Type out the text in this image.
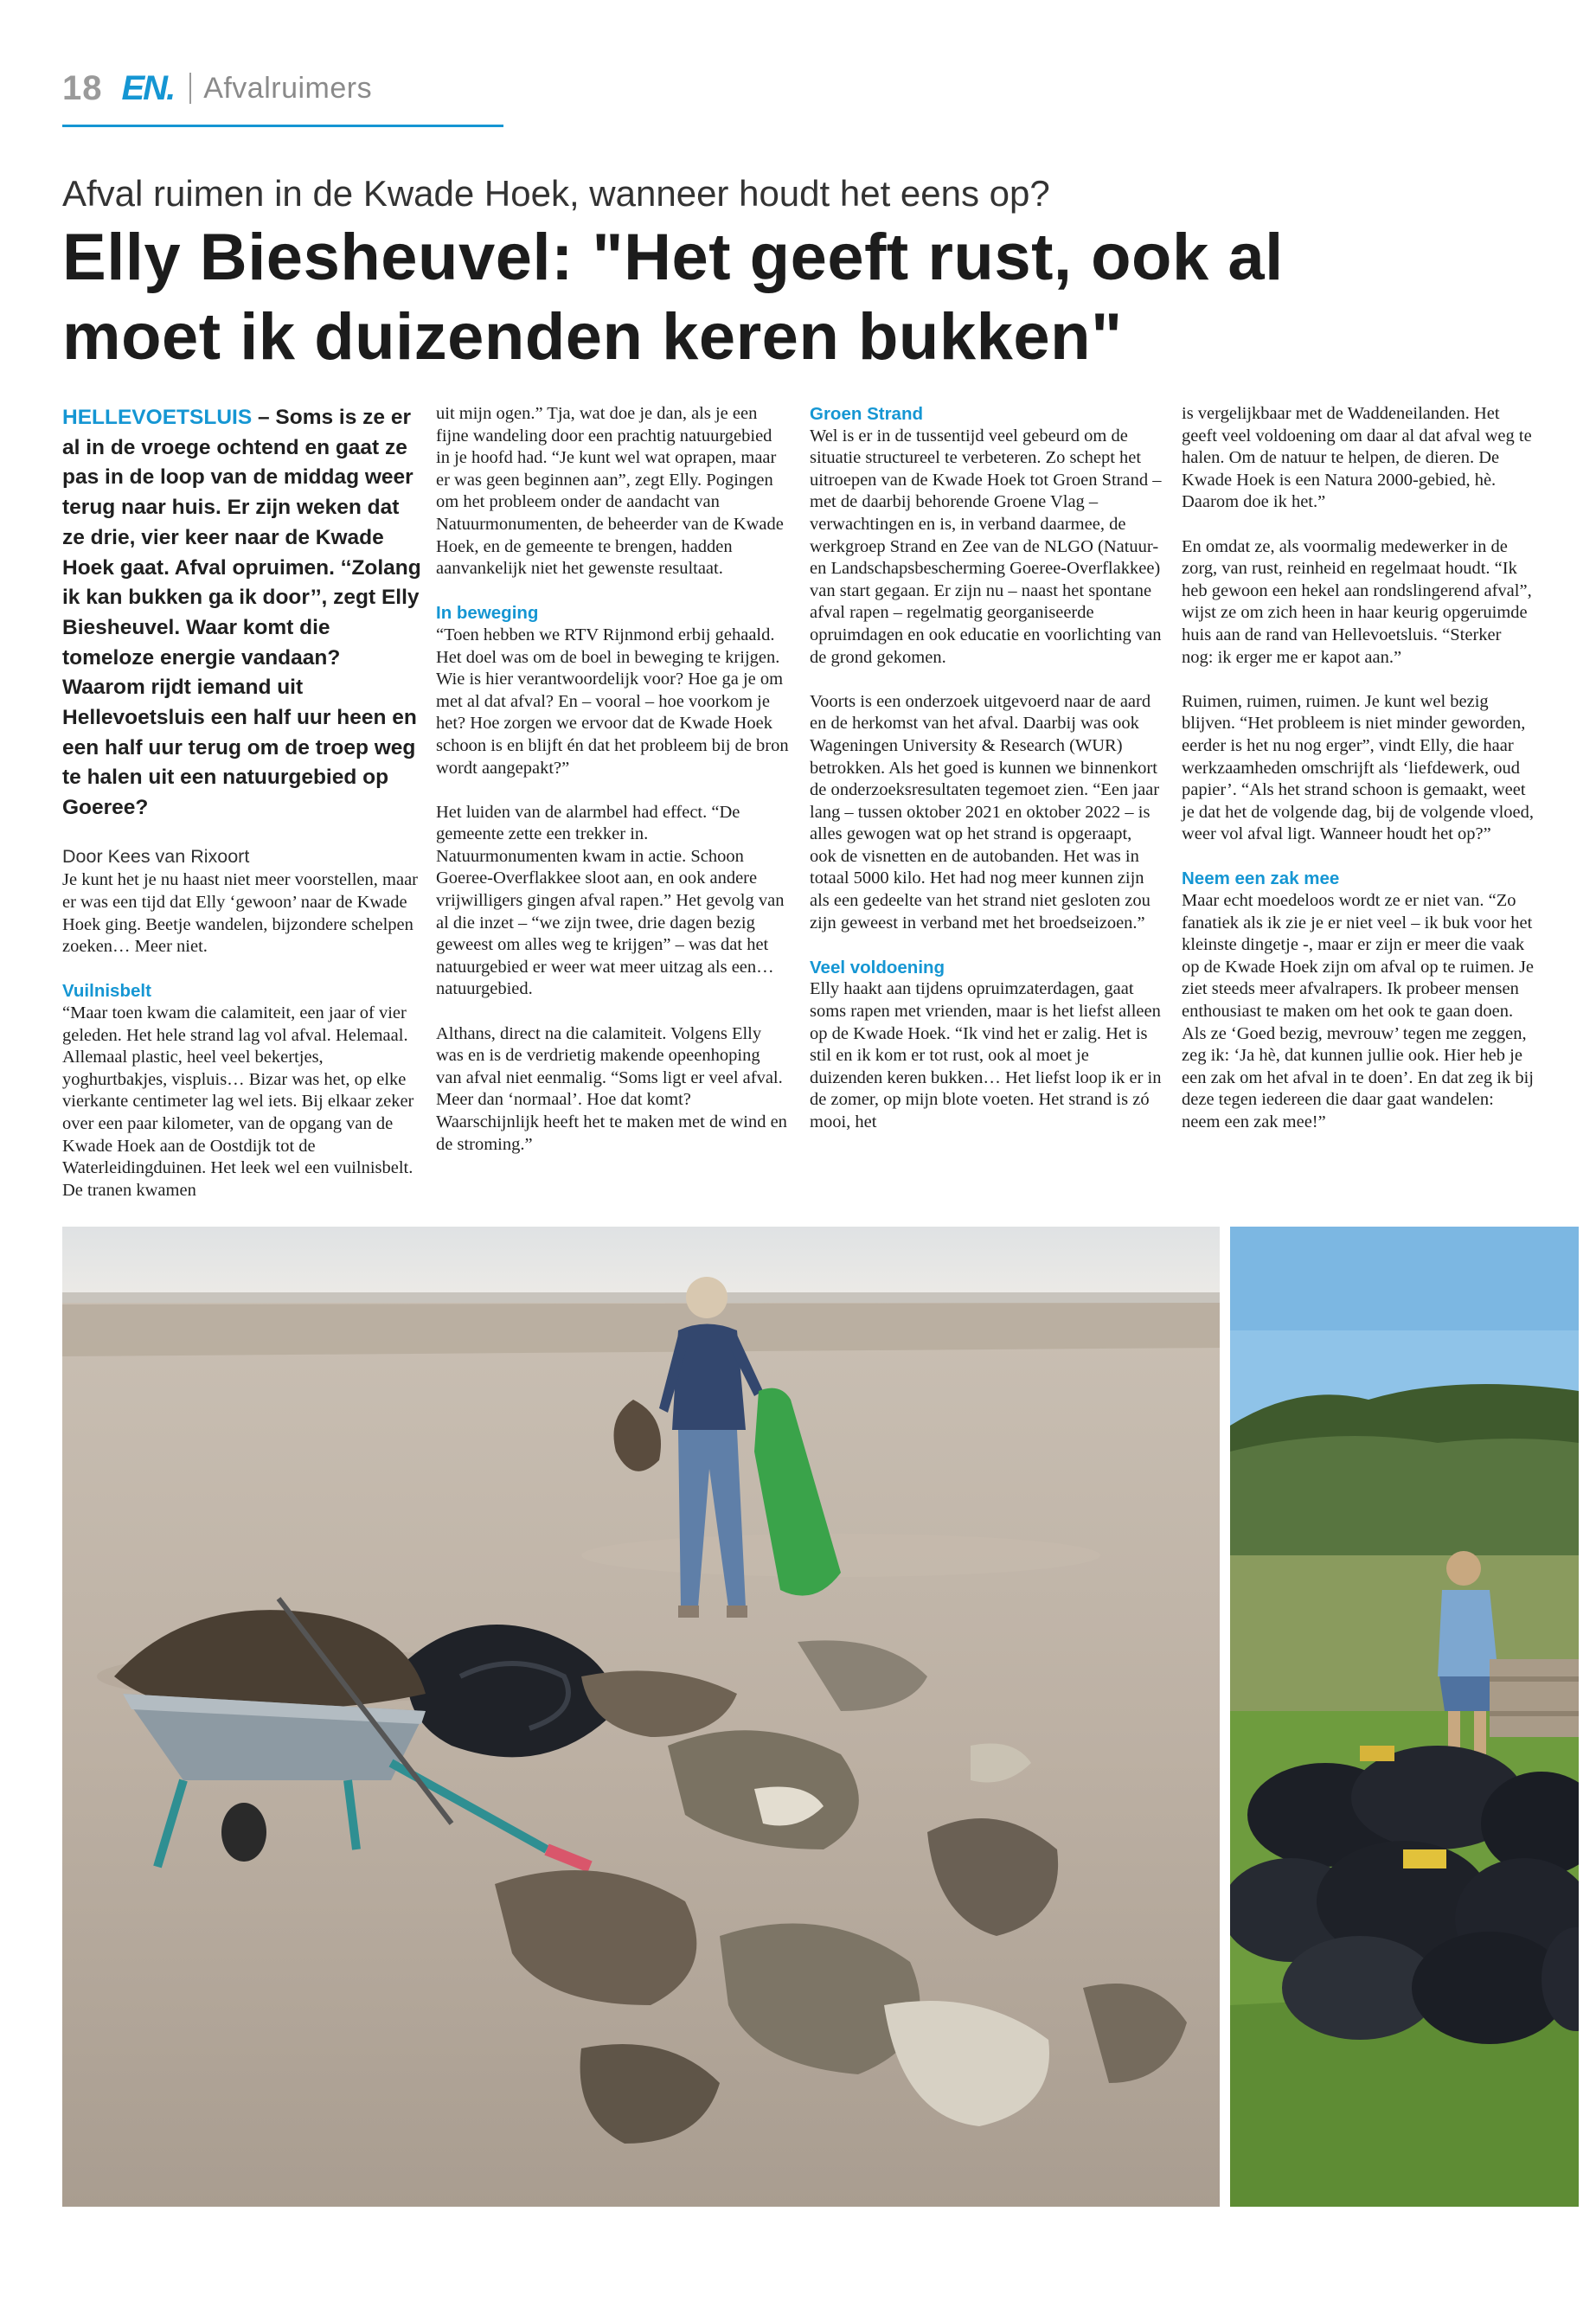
18 EN. Afvalruimers
Afval ruimen in de Kwade Hoek, wanneer houdt het eens op?
Elly Biesheuvel: "Het geeft rust, ook al moet ik duizenden keren bukken"

HELLEVOETSLUIS – Soms is ze er al in de vroege ochtend en gaat ze pas in de loop van de middag weer terug naar huis. Er zijn weken dat ze drie, vier keer naar de Kwade Hoek gaat. Afval opruimen. ‘‘Zolang ik kan bukken ga ik door’’, zegt Elly Biesheuvel. Waar komt die tomeloze energie vandaan? Waarom rijdt iemand uit Hellevoetsluis een half uur heen en een half uur terug om de troep weg te halen uit een natuurgebied op Goeree?

Door Kees van Rixoort

Je kunt het je nu haast niet meer voorstellen, maar er was een tijd dat Elly ‘gewoon’ naar de Kwade Hoek ging. Beetje wandelen, bijzondere schelpen zoeken… Meer niet.

Vuilnisbelt

“Maar toen kwam die calamiteit, een jaar of vier geleden. Het hele strand lag vol afval. Helemaal. Allemaal plastic, heel veel bekertjes, yoghurtbakjes, vispluis… Bizar was het, op elke vierkante centimeter lag wel iets. Bij elkaar zeker over een paar kilometer, van de opgang van de Kwade Hoek aan de Oostdijk tot de Waterleidingduinen. Het leek wel een vuilnisbelt. De tranen kwamen

uit mijn ogen.” Tja, wat doe je dan, als je een fijne wandeling door een prachtig natuurgebied in je hoofd had. “Je kunt wel wat oprapen, maar er was geen beginnen aan”, zegt Elly. Pogingen om het probleem onder de aandacht van Natuurmonumenten, de beheerder van de Kwade Hoek, en de gemeente te brengen, hadden aanvankelijk niet het gewenste resultaat.

In beweging

“Toen hebben we RTV Rijnmond erbij gehaald. Het doel was om de boel in beweging te krijgen. Wie is hier verantwoordelijk voor? Hoe ga je om met al dat afval? En – vooral – hoe voorkom je het? Hoe zorgen we ervoor dat de Kwade Hoek schoon is en blijft én dat het probleem bij de bron wordt aangepakt?”

Het luiden van de alarmbel had effect. “De gemeente zette een trekker in. Natuurmonumenten kwam in actie. Schoon Goeree-Overflakkee sloot aan, en ook andere vrijwilligers gingen afval rapen.” Het gevolg van al die inzet – “we zijn twee, drie dagen bezig geweest om alles weg te krijgen” – was dat het natuurgebied er weer wat meer uitzag als een… natuurgebied.

Althans, direct na die calamiteit. Volgens Elly was en is de verdrietig makende opeenhoping van afval niet eenmalig. “Soms ligt er veel afval. Meer dan ‘normaal’. Hoe dat komt? Waarschijnlijk heeft het te maken met de wind en de stroming.”

Groen Strand

Wel is er in de tussentijd veel gebeurd om de situatie structureel te verbeteren. Zo schept het uitroepen van de Kwade Hoek tot Groen Strand – met de daarbij behorende Groene Vlag – verwachtingen en is, in verband daarmee, de werkgroep Strand en Zee van de NLGO (Natuur- en Landschapsbescherming Goeree-Overflakkee) van start gegaan. Er zijn nu – naast het spontane afval rapen – regelmatig georganiseerde opruimdagen en ook educatie en voorlichting van de grond gekomen.

Voorts is een onderzoek uitgevoerd naar de aard en de herkomst van het afval. Daarbij was ook Wageningen University & Research (WUR) betrokken. Als het goed is kunnen we binnenkort de onderzoeksresultaten tegemoet zien. “Een jaar lang – tussen oktober 2021 en oktober 2022 – is alles gewogen wat op het strand is opgeraapt, ook de visnetten en de autobanden. Het was in totaal 5000 kilo. Het had nog meer kunnen zijn als een gedeelte van het strand niet gesloten zou zijn geweest in verband met het broedseizoen.”

Veel voldoening

Elly haakt aan tijdens opruimzaterdagen, gaat soms rapen met vrienden, maar is het liefst alleen op de Kwade Hoek. “Ik vind het er zalig. Het is stil en ik kom er tot rust, ook al moet je duizenden keren bukken… Het liefst loop ik er in de zomer, op mijn blote voeten. Het strand is zó mooi, het

is vergelijkbaar met de Waddeneilanden. Het geeft veel voldoening om daar al dat afval weg te halen. Om de natuur te helpen, de dieren. De Kwade Hoek is een Natura 2000-gebied, hè. Daarom doe ik het.”

En omdat ze, als voormalig medewerker in de zorg, van rust, reinheid en regelmaat houdt. “Ik heb gewoon een hekel aan rondslingerend afval”, wijst ze om zich heen in haar keurig opgeruimde huis aan de rand van Hellevoetsluis. “Sterker nog: ik erger me er kapot aan.”

Ruimen, ruimen, ruimen. Je kunt wel bezig blijven. “Het probleem is niet minder geworden, eerder is het nu nog erger”, vindt Elly, die haar werkzaamheden omschrijft als ‘liefdewerk, oud papier’. “Als het strand schoon is gemaakt, weet je dat het de volgende dag, bij de volgende vloed, weer vol afval ligt. Wanneer houdt het op?”

Neem een zak mee

Maar echt moedeloos wordt ze er niet van. “Zo fanatiek als ik zie je er niet veel – ik buk voor het kleinste dingetje -, maar er zijn er meer die vaak op de Kwade Hoek zijn om afval op te ruimen. Je ziet steeds meer afvalrapers. Ik probeer mensen enthousiast te maken om het ook te gaan doen. Als ze ‘Goed bezig, mevrouw’ tegen me zeggen, zeg ik: ‘Ja hè, dat kunnen jullie ook. Hier heb je een zak om het afval in te doen’. En dat zeg ik bij deze tegen iedereen die daar gaat wandelen: neem een zak mee!”
